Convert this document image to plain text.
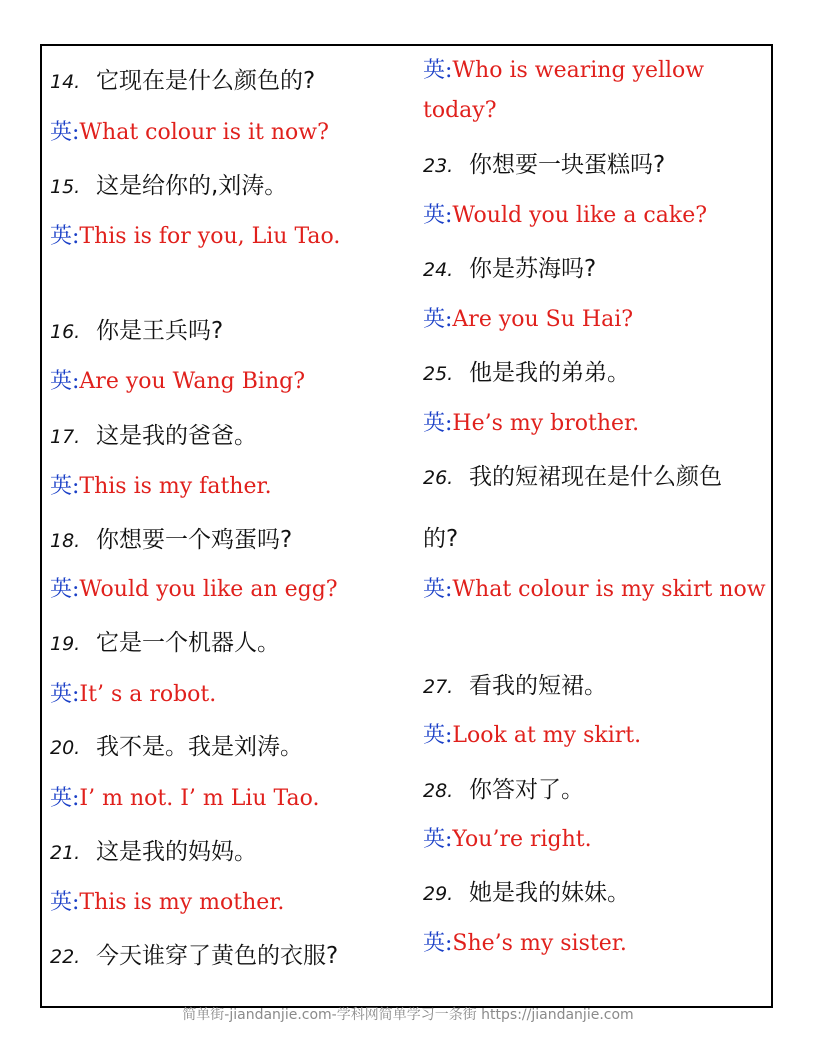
14. 它现在是什么颜色的?
英:What colour is it now?
15. 这是给你的,刘涛。
英:This is for you, Liu Tao.
16. 你是王兵吗?
英:Are you Wang Bing?
17. 这是我的爸爸。
英:This is my father.
18. 你想要一个鸡蛋吗?
英:Would you like an egg?
19. 它是一个机器人。
英:It’ s a robot.
20. 我不是。我是刘涛。
英:I’ m not. I’ m Liu Tao.
21. 这是我的妈妈。
英:This is my mother.
22. 今天谁穿了黄色的衣服?
英:Who is wearing yellow today?
23. 你想要一块蛋糕吗?
英:Would you like a cake?
24. 你是苏海吗?
英:Are you Su Hai?
25. 他是我的弟弟。
英:He’s my brother.
26. 我的短裙现在是什么颜色
的?
英:What colour is my skirt now
27. 看我的短裙。
英:Look at my skirt.
28. 你答对了。
英:You’re right.
29. 她是我的妹妹。
英:She’s my sister.
简单街-jiandanjie.com-学科网简单学习一条街 https://jiandanjie.com
